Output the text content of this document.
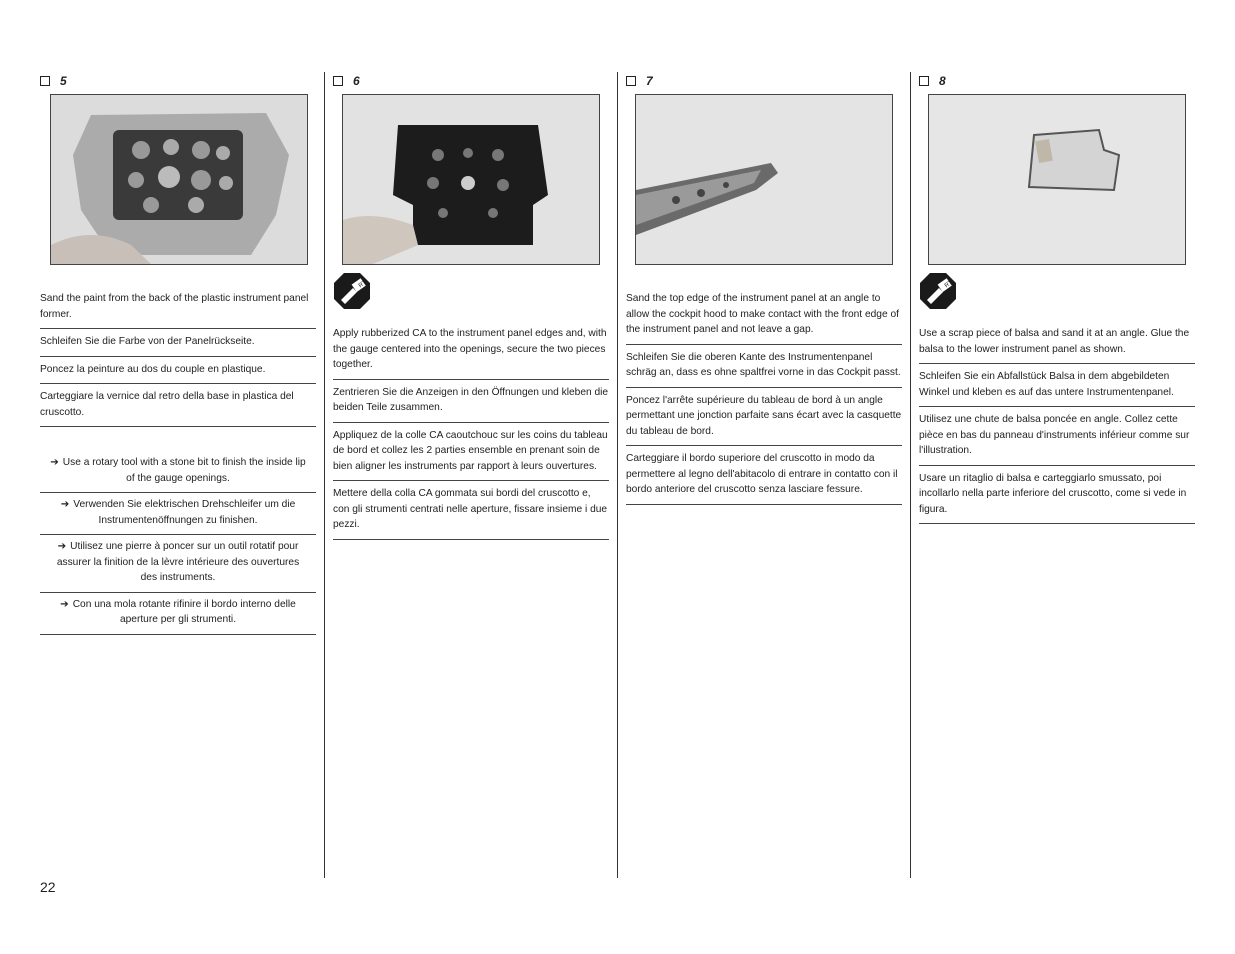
5
Sand the paint from the back of the plastic instrument panel former.
Schleifen Sie die Farbe von der Panelrückseite.
Poncez la peinture au dos du couple en plastique.
Carteggiare la vernice dal retro della base in plastica del cruscotto.
➔ Use a rotary tool with a stone bit to finish the inside lip of the gauge openings.
➔ Verwenden Sie elektrischen Drehschleifer um die Instrumentenöffnungen zu finishen.
➔ Utilisez une pierre à poncer sur un outil rotatif pour assurer la finition de la lèvre intérieure des ouvertures des instruments.
➔ Con una mola rotante rifinire il bordo interno delle aperture per gli strumenti.
6
RT
Apply rubberized CA to the instrument panel edges and, with the gauge centered into the openings, secure the two pieces together.
Zentrieren Sie die Anzeigen in den Öffnungen und kleben die beiden Teile zusammen.
Appliquez de la colle CA caoutchouc sur les coins du tableau de bord et collez les 2 parties ensemble en prenant soin de bien aligner les instruments par rapport à leurs ouvertures.
Mettere della colla CA gommata sui bordi del cruscotto e, con gli strumenti centrati nelle aperture, fissare insieme i due pezzi.
7
Sand the top edge of the instrument panel at an angle to allow the cockpit hood to make contact with the front edge of the instrument panel and not leave a gap.
Schleifen Sie die oberen Kante des Instrumentenpanel schräg an, dass es ohne spaltfrei vorne in das Cockpit passt.
Poncez l'arrête supérieure du tableau de bord à un angle permettant une jonction parfaite sans écart avec la casquette du tableau de bord.
Carteggiare il bordo superiore del cruscotto in modo da permettere al legno dell'abitacolo di entrare in contatto con il bordo anteriore del cruscotto senza lasciare fessure.
8
RT
Use a scrap piece of balsa and sand it at an angle. Glue the balsa to the lower instrument panel as shown.
Schleifen Sie ein Abfallstück Balsa in dem abgebildeten Winkel und kleben es auf das untere Instrumentenpanel.
Utilisez une chute de balsa poncée en angle. Collez cette pièce en bas du panneau d'instruments inférieur comme sur l'illustration.
Usare un ritaglio di balsa e carteggiarlo smussato, poi incollarlo nella parte inferiore del cruscotto, come si vede in figura.
22
